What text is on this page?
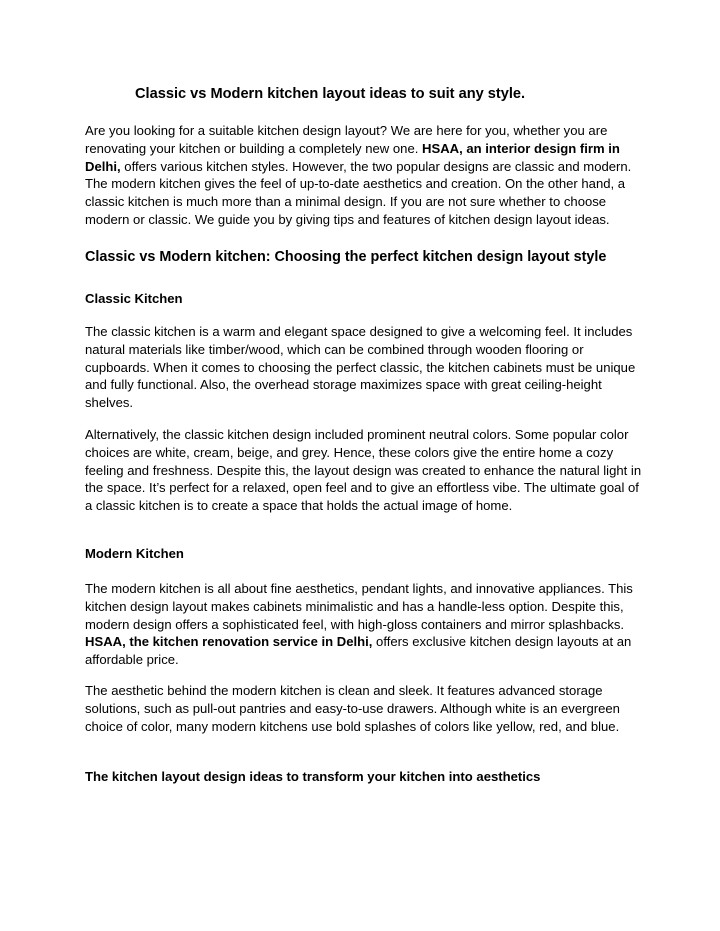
Classic vs Modern kitchen layout ideas to suit any style.

Are you looking for a suitable kitchen design layout? We are here for you, whether you are renovating your kitchen or building a completely new one. HSAA, an interior design firm in Delhi, offers various kitchen styles. However, the two popular designs are classic and modern. The modern kitchen gives the feel of up-to-date aesthetics and creation. On the other hand, a classic kitchen is much more than a minimal design. If you are not sure whether to choose modern or classic. We guide you by giving tips and features of kitchen design layout ideas.

Classic vs Modern kitchen: Choosing the perfect kitchen design layout style
Classic Kitchen

The classic kitchen is a warm and elegant space designed to give a welcoming feel. It includes natural materials like timber/wood, which can be combined through wooden flooring or cupboards. When it comes to choosing the perfect classic, the kitchen cabinets must be unique and fully functional. Also, the overhead storage maximizes space with great ceiling-height shelves.

Alternatively, the classic kitchen design included prominent neutral colors. Some popular color choices are white, cream, beige, and grey. Hence, these colors give the entire home a cozy feeling and freshness. Despite this, the layout design was created to enhance the natural light in the space. It’s perfect for a relaxed, open feel and to give an effortless vibe. The ultimate goal of a classic kitchen is to create a space that holds the actual image of home.

Modern Kitchen

The modern kitchen is all about fine aesthetics, pendant lights, and innovative appliances. This kitchen design layout makes cabinets minimalistic and has a handle-less option. Despite this, modern design offers a sophisticated feel, with high-gloss containers and mirror splashbacks. HSAA, the kitchen renovation service in Delhi, offers exclusive kitchen design layouts at an affordable price.

The aesthetic behind the modern kitchen is clean and sleek. It features advanced storage solutions, such as pull-out pantries and easy-to-use drawers. Although white is an evergreen choice of color, many modern kitchens use bold splashes of colors like yellow, red, and blue.

The kitchen layout design ideas to transform your kitchen into aesthetics
